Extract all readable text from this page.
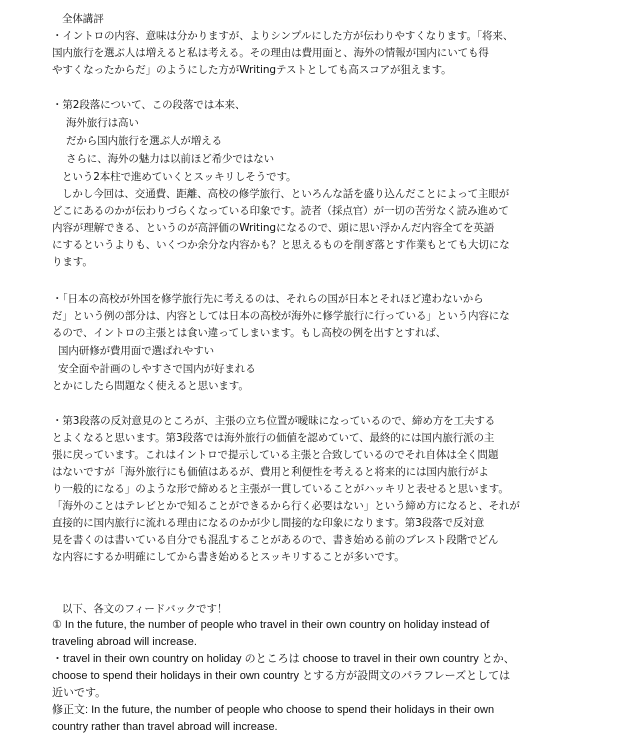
全体講評
・イントロの内容、意味は分かりますが、よりシンプルにした方が伝わりやすくなります。「将来、
国内旅行を選ぶ人は増えると私は考える。その理由は費用面と、海外の情報が国内にいても得
やすくなったからだ」のようにした方がWritingテストとしても高スコアが狙えます。
・第2段落について、この段落では本来、
海外旅行は高い
だから国内旅行を選ぶ人が増える
さらに、海外の魅力は以前ほど希少ではない
という2本柱で進めていくとスッキリしそうです。
しかし今回は、交通費、距離、高校の修学旅行、といろんな話を盛り込んだことによって主眼が
どこにあるのかが伝わりづらくなっている印象です。読者（採点官）が一切の苦労なく読み進めて
内容が理解できる、というのが高評価のWritingになるので、頭に思い浮かんだ内容全てを英語
にするというよりも、いくつか余分な内容かも？と思えるものを削ぎ落とす作業もとても大切にな
ります。
・「日本の高校が外国を修学旅行先に考えるのは、それらの国が日本とそれほど違わないから
だ」という例の部分は、内容としては日本の高校が海外に修学旅行に行っている」という内容にな
るので、イントロの主張とは食い違ってしまいます。もし高校の例を出すとすれば、
国内研修が費用面で選ばれやすい
安全面や計画のしやすさで国内が好まれる
とかにしたら問題なく使えると思います。
・第3段落の反対意見のところが、主張の立ち位置が曖昧になっているので、締め方を工夫する
とよくなると思います。第3段落では海外旅行の価値を認めていて、最終的には国内旅行派の主
張に戻っています。これはイントロで提示している主張と合致しているのでそれ自体は全く問題
はないですが「海外旅行にも価値はあるが、費用と利便性を考えると将来的には国内旅行がよ
り一般的になる」のような形で締めると主張が一貫していることがハッキリと表せると思います。
「海外のことはテレビとかで知ることができるから行く必要はない」という締め方になると、それが
直接的に国内旅行に流れる理由になるのかが少し間接的な印象になります。第3段落で反対意
見を書くのは書いている自分でも混乱することがあるので、書き始める前のブレスト段階でどん
な内容にするか明確にしてから書き始めるとスッキリすることが多いです。
以下、各文のフィードバックです！
① In the future, the number of people who travel in their own country on holiday instead of
traveling abroad will increase.
・travel in their own country on holiday のところは choose to travel in their own country とか、
choose to spend their holidays in their own country とする方が設問文のパラフレーズとしては
近いです。
修正文: In the future, the number of people who choose to spend their holidays in their own
country rather than travel abroad will increase.
